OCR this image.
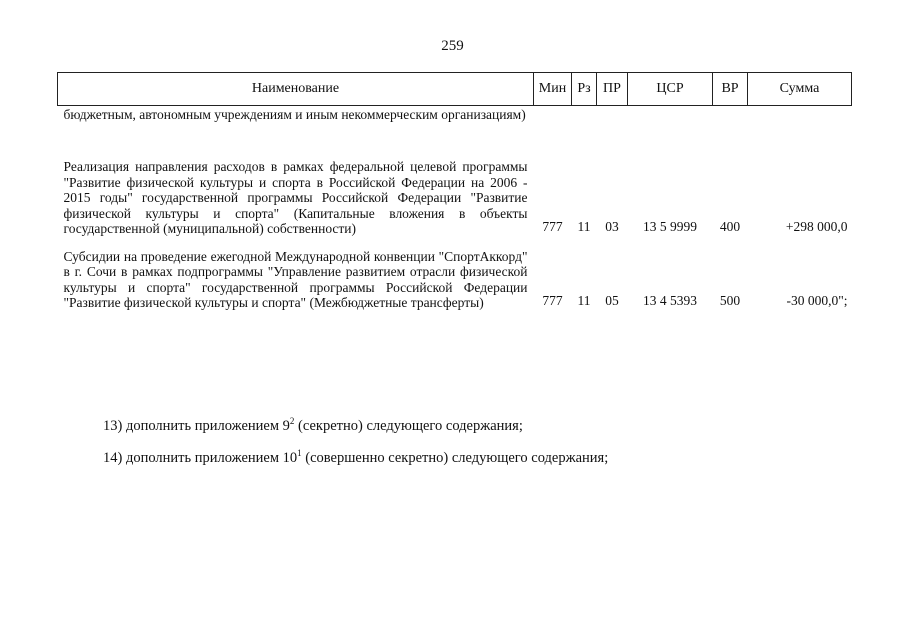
259
Наименование	Мин	Рз	ПР	ЦСР	ВР	Сумма
бюджетным, автономным учреждениям и иным некоммерческим организациям)						

Реализация направления расходов в рамках федеральной целевой программы "Развитие физической культуры и спорта в Российской Федерации на 2006 - 2015 годы" государственной программы Российской Федерации "Развитие физической культуры и спорта" (Капитальные вложения в объекты государственной (муниципальной) собственности)	777	11	03	13 5 9999	400	+298 000,0

Субсидии на проведение ежегодной Международной конвенции "СпортАккорд" в г. Сочи в рамках подпрограммы "Управление развитием отрасли физической культуры и спорта" государственной программы Российской Федерации "Развитие физической культуры и спорта" (Межбюджетные трансферты)	777	11	05	13 4 5393	500	-30 000,0";
13) дополнить приложением $9^2$ (секретно) следующего содержания;
14) дополнить приложением $10^1$ (совершенно секретно) следующего содержания;
